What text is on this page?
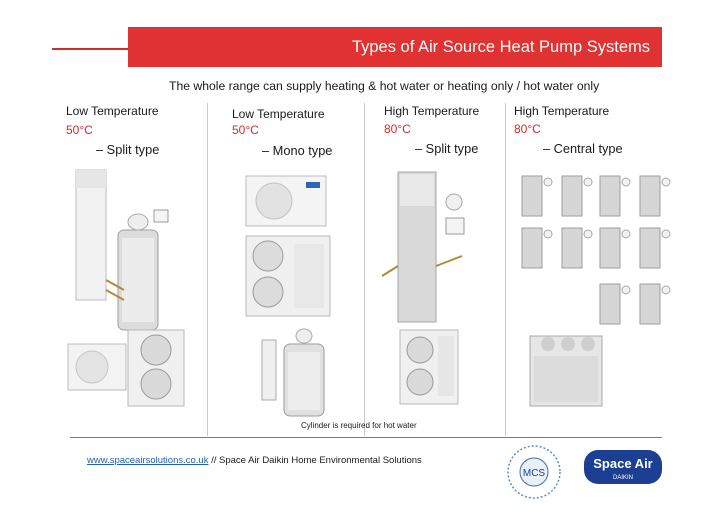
Types of Air Source Heat Pump Systems
The whole range can supply heating & hot water or heating only / hot water only
Low Temperature
50°C
– Split type
Low Temperature
50°C
– Mono type
High Temperature
80°C
– Split type
High Temperature
80°C
– Central type
Cylinder is required for hot water
www.spaceairsolutions.co.uk // Space Air Daikin Home Environmental Solutions
MCS
Space Air
DAIKIN
